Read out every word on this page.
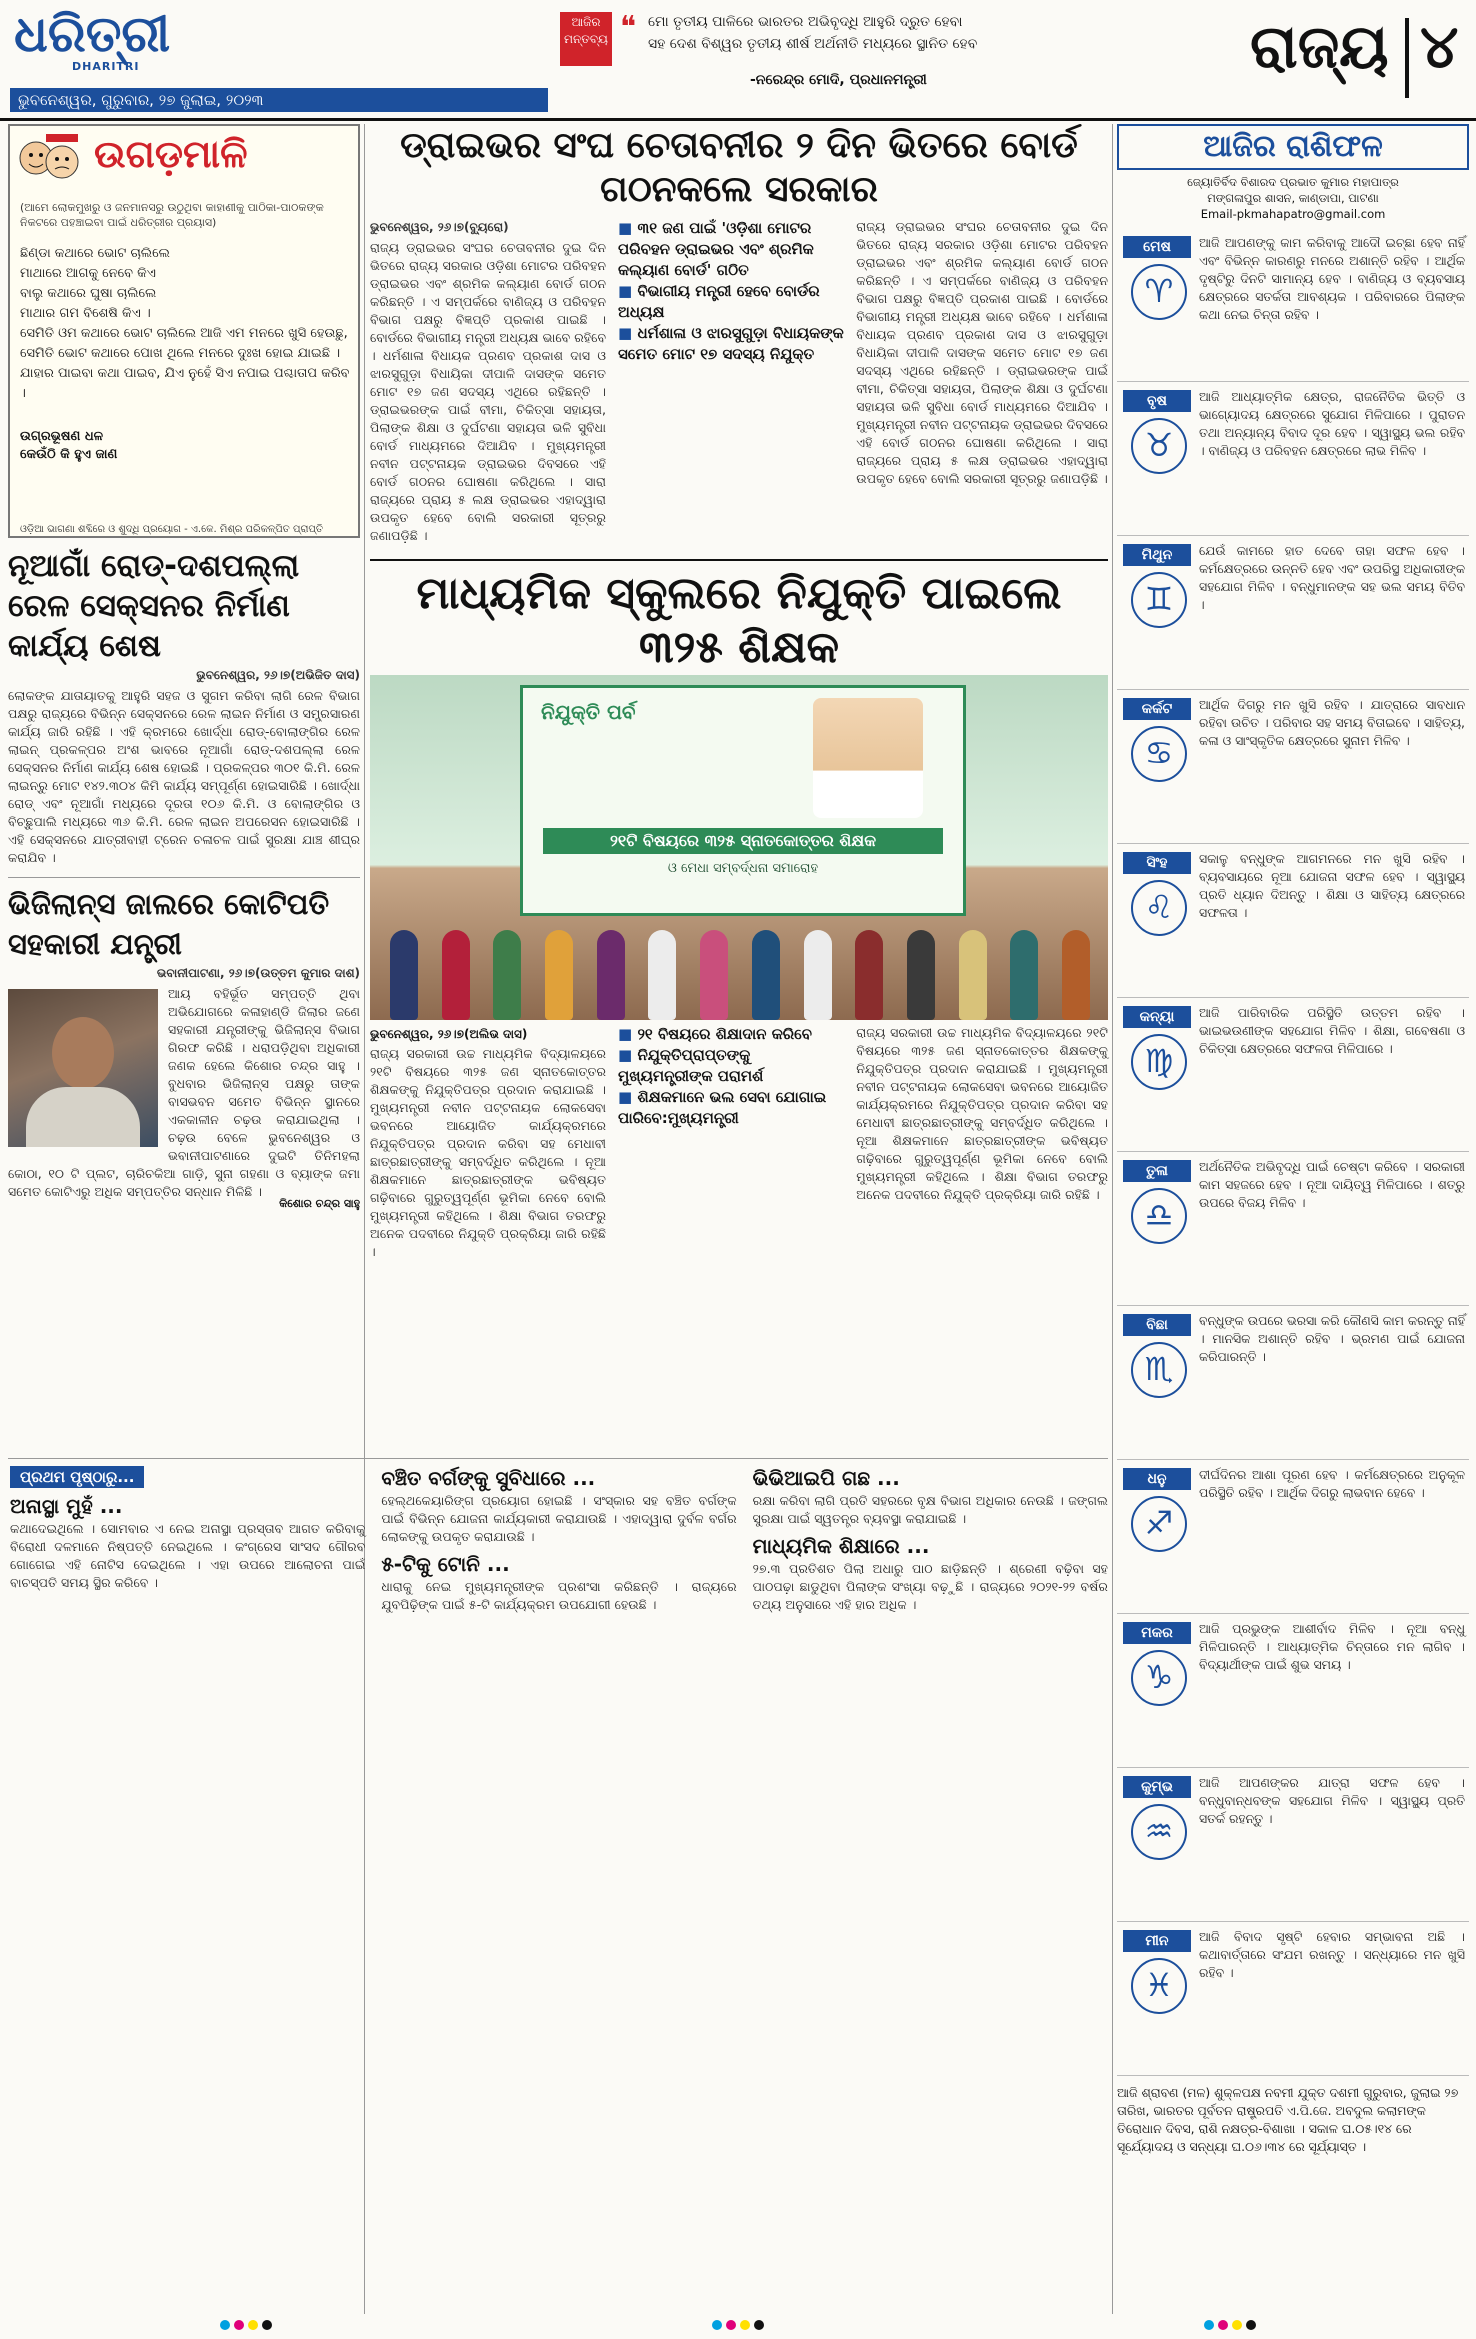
ଧରିତ୍ରୀ
DHARITRI
ଭୁବନେଶ୍ୱର, ଗୁରୁବାର, ୨୭ ଜୁଲାଇ, ୨୦୨୩
ଆଜିର ମନ୍ତବ୍ୟ ❝ ମୋ ତୃତୀୟ ପାଳିରେ ଭାରତର ଅଭିବୃଦ୍ଧି ଆହୁରି ଦ୍ରୁତ ହେବା
ସହ ଦେଶ ବିଶ୍ୱର ତୃତୀୟ ଶୀର୍ଷ ଅର୍ଥନୀତି ମଧ୍ୟରେ ସ୍ଥାନିତ ହେବ
-ନରେନ୍ଦ୍ର ମୋଦି, ପ୍ରଧାନମନ୍ତ୍ରୀ	ରାଜ୍ୟ ୪
ଉଗଡ଼ମାଳି
(ଆମେ ଲୋକମୁଖରୁ ଓ ଜନମାନସରୁ ଉଠୁଥିବା କାହାଣୀକୁ ପାଠିକା-ପାଠକଙ୍କ ନିକଟରେ ପହଞ୍ଚାଇବା ପାଇଁ ଧରିତ୍ରୀର ପ୍ରୟାସ)
ଛିଣ୍ଡା କଥାରେ ଭୋଟ ଚାଲିଲେ
ମାଥାରେ ଆଗକୁ ନେବେ କିଏ
ବାଲୁ କଥାରେ ଘୁଷା ଚାଲିଲେ
ମାଥାର ଗମ ବିଶେଷି କିଏ ।
ସେମିତି ଓମ କଥାରେ ଭୋଟ ଚାଲିଲେ ଆଜି ଏମ ମନରେ ଖୁସି ହେଉଛୁ, ସେମିତି ଭୋଟ କଥାରେ ପୋଖ ଥିଲେ ମନରେ ଦୁଃଖ ହୋଇ ଯାଇଛି ।
ଯାହାର ପାଇବା କଥା ପାଇବ, ଯିଏ ନୁହେଁ ସିଏ ନପାଇ ପଶ୍ଚାତାପ କରିବ ।
ଉଗ୍ରଭୂଷଣ ଧଳ
କେଉଁଠି କି ହୁଏ ଜାଣ
ଓଡ଼ିଆ ଭାଗଣା ଶବ୍ଦିରେ ଓ ଶୁଦ୍ଧି ପ୍ରୟୋଗ - ଏ.କେ. ମିଶ୍ର ପରିକଳ୍ପିତ ପ୍ରାପ୍ତି
ନୂଆଗାଁ ରୋଡ୍-ଦଶପଲ୍ଲା ରେଳ ସେକ୍ସନର ନିର୍ମାଣ କାର୍ଯ୍ୟ ଶେଷ
ଭୁବନେଶ୍ୱର, ୨୬।୭(ଅଭିଜିତ ଦାସ)

ଲୋକଙ୍କ ଯାତାୟାତକୁ ଆହୁରି ସହଜ ଓ ସୁଗମ କରିବା ଲାଗି ରେଳ ବିଭାଗ ପକ୍ଷରୁ ରାଜ୍ୟରେ ବିଭିନ୍ନ ସେକ୍ସନରେ ରେଳ ଲାଇନ ନିର୍ମାଣ ଓ ସମ୍ପ୍ରସାରଣ କାର୍ଯ୍ୟ ଜାରି ରହିଛି । ଏହି କ୍ରମରେ ଖୋର୍ଦ୍ଧା ରୋଡ୍-ବୋଲାଙ୍ଗିର ରେଳ ଲାଇନ୍ ପ୍ରକଳ୍ପର ଅଂଶ ଭାବରେ ନୂଆଗାଁ ରୋଡ୍-ଦଶପଲ୍ଲା ରେଳ ସେକ୍ସନର ନିର୍ମାଣ କାର୍ଯ୍ୟ ଶେଷ ହୋଇଛି । ପ୍ରକଳ୍ପର ୩୦୧ କି.ମି. ରେଳ ଲାଇନ୍ରୁ ମୋଟ ୧୪୨.୩୦୪ କିମି କାର୍ଯ୍ୟ ସମ୍ପୂର୍ଣ୍ଣ ହୋଇସାରିଛି । ଖୋର୍ଦ୍ଧା ରୋଡ୍ ଏବଂ ନୂଆଗାଁ ମଧ୍ୟରେ ଦୂରତା ୧୦୬ କି.ମି. ଓ ବୋଲାଙ୍ଗିର ଓ ବିଚ୍ଛୁପାଲି ମଧ୍ୟରେ ୩୬ କି.ମି. ରେଳ ଲାଇନ ଅପରେସନ ହୋଇସାରିଛି । ଏହି ସେକ୍ସନରେ ଯାତ୍ରୀବାହୀ ଟ୍ରେନ ଚଳାଚଳ ପାଇଁ ସୁରକ୍ଷା ଯାଞ୍ଚ ଶୀଘ୍ର କରାଯିବ ।

ଭିଜିଲାନ୍ସ ଜାଲରେ କୋଟିପତି ସହକାରୀ ଯନ୍ତ୍ରୀ
ଭବାନୀପାଟଣା, ୨୬।୭(ଉତ୍ତମ କୁମାର ଦାଶ)

ଆୟ ବହିର୍ଭୂତ ସମ୍ପତ୍ତି ଥିବା ଅଭିଯୋଗରେ କଳାହାଣ୍ଡି ଜିଲାର ଜଣେ ସହକାରୀ ଯନ୍ତ୍ରୀଙ୍କୁ ଭିଜିଲାନ୍ସ ବିଭାଗ ଗିରଫ କରିଛି । ଧରାପଡ଼ିଥିବା ଅଧିକାରୀ ଜଣକ ହେଲେ କିଶୋର ଚନ୍ଦ୍ର ସାହୁ । ବୁଧବାର ଭିଜିଲାନ୍ସ ପକ୍ଷରୁ ତାଙ୍କ ବାସଭବନ ସମେତ ବିଭିନ୍ନ ସ୍ଥାନରେ ଏକକାଳୀନ ଚଢ଼ଉ କରାଯାଇଥିଲା । ଚଢ଼ଉ ବେଳେ ଭୁବନେଶ୍ୱର ଓ ଭବାନୀପାଟଣାରେ ଦୁଇଟି ତିନିମହଲା କୋଠା, ୧୦ ଟି ପ୍ଲଟ, ଚାରିଚକିଆ ଗାଡ଼ି, ସୁନା ଗହଣା ଓ ବ୍ୟାଙ୍କ ଜମା ସମେତ କୋଟିଏରୁ ଅଧିକ ସମ୍ପତ୍ତିର ସନ୍ଧାନ ମିଳିଛି ।

କିଶୋର ଚନ୍ଦ୍ର ସାହୁ
ଡ୍ରାଇଭର ସଂଘ ଚେତାବନୀର ୨ ଦିନ ଭିତରେ ବୋର୍ଡ ଗଠନକଲେ ସରକାର
ଭୁବନେଶ୍ୱର, ୨୬।୭(ବ୍ୟୁରୋ)

ରାଜ୍ୟ ଡ୍ରାଇଭର ସଂଘର ଚେତାବନୀର ଦୁଇ ଦିନ ଭିତରେ ରାଜ୍ୟ ସରକାର ଓଡ଼ିଶା ମୋଟର ପରିବହନ ଡ୍ରାଇଭର ଏବଂ ଶ୍ରମିକ କଲ୍ୟାଣ ବୋର୍ଡ ଗଠନ କରିଛନ୍ତି । ଏ ସମ୍ପର୍କରେ ବାଣିଜ୍ୟ ଓ ପରିବହନ ବିଭାଗ ପକ୍ଷରୁ ବିଜ୍ଞପ୍ତି ପ୍ରକାଶ ପାଇଛି । ବୋର୍ଡରେ ବିଭାଗୀୟ ମନ୍ତ୍ରୀ ଅଧ୍ୟକ୍ଷ ଭାବେ ରହିବେ । ଧର୍ମଶାଳା ବିଧାୟକ ପ୍ରଣବ ପ୍ରକାଶ ଦାସ ଓ ଝାରସୁଗୁଡ଼ା ବିଧାୟିକା ଦୀପାଳି ଦାସଙ୍କ ସମେତ ମୋଟ ୧୭ ଜଣ ସଦସ୍ୟ ଏଥିରେ ରହିଛନ୍ତି । ଡ୍ରାଇଭରଙ୍କ ପାଇଁ ବୀମା, ଚିକିତ୍ସା ସହାୟତା, ପିଲାଙ୍କ ଶିକ୍ଷା ଓ ଦୁର୍ଘଟଣା ସହାୟତା ଭଳି ସୁବିଧା ବୋର୍ଡ ମାଧ୍ୟମରେ ଦିଆଯିବ । ମୁଖ୍ୟମନ୍ତ୍ରୀ ନବୀନ ପଟ୍ଟନାୟକ ଡ୍ରାଇଭର ଦିବସରେ ଏହି ବୋର୍ଡ ଗଠନର ଘୋଷଣା କରିଥିଲେ । ସାରା ରାଜ୍ୟରେ ପ୍ରାୟ ୫ ଲକ୍ଷ ଡ୍ରାଇଭର ଏହାଦ୍ୱାରା ଉପକୃତ ହେବେ ବୋଲି ସରକାରୀ ସୂତ୍ରରୁ ଜଣାପଡ଼ିଛି ।

■ ୩୧ ଜଣ ପାଇଁ 'ଓଡ଼ିଶା ମୋଟର ପରିବହନ ଡ୍ରାଇଭର ଏବଂ ଶ୍ରମିକ କଲ୍ୟାଣ ବୋର୍ଡ' ଗଠିତ
■ ବିଭାଗୀୟ ମନ୍ତ୍ରୀ ହେବେ ବୋର୍ଡର ଅଧ୍ୟକ୍ଷ
■ ଧର୍ମଶାଳା ଓ ଝାରସୁଗୁଡ଼ା ବିଧାୟକଙ୍କ ସମେତ ମୋଟ ୧୭ ସଦସ୍ୟ ନିଯୁକ୍ତ

ରାଜ୍ୟ ଡ୍ରାଇଭର ସଂଘର ଚେତାବନୀର ଦୁଇ ଦିନ ଭିତରେ ରାଜ୍ୟ ସରକାର ଓଡ଼ିଶା ମୋଟର ପରିବହନ ଡ୍ରାଇଭର ଏବଂ ଶ୍ରମିକ କଲ୍ୟାଣ ବୋର୍ଡ ଗଠନ କରିଛନ୍ତି । ଏ ସମ୍ପର୍କରେ ବାଣିଜ୍ୟ ଓ ପରିବହନ ବିଭାଗ ପକ୍ଷରୁ ବିଜ୍ଞପ୍ତି ପ୍ରକାଶ ପାଇଛି । ବୋର୍ଡରେ ବିଭାଗୀୟ ମନ୍ତ୍ରୀ ଅଧ୍ୟକ୍ଷ ଭାବେ ରହିବେ । ଧର୍ମଶାଳା ବିଧାୟକ ପ୍ରଣବ ପ୍ରକାଶ ଦାସ ଓ ଝାରସୁଗୁଡ଼ା ବିଧାୟିକା ଦୀପାଳି ଦାସଙ୍କ ସମେତ ମୋଟ ୧୭ ଜଣ ସଦସ୍ୟ ଏଥିରେ ରହିଛନ୍ତି । ଡ୍ରାଇଭରଙ୍କ ପାଇଁ ବୀମା, ଚିକିତ୍ସା ସହାୟତା, ପିଲାଙ୍କ ଶିକ୍ଷା ଓ ଦୁର୍ଘଟଣା ସହାୟତା ଭଳି ସୁବିଧା ବୋର୍ଡ ମାଧ୍ୟମରେ ଦିଆଯିବ । ମୁଖ୍ୟମନ୍ତ୍ରୀ ନବୀନ ପଟ୍ଟନାୟକ ଡ୍ରାଇଭର ଦିବସରେ ଏହି ବୋର୍ଡ ଗଠନର ଘୋଷଣା କରିଥିଲେ । ସାରା ରାଜ୍ୟରେ ପ୍ରାୟ ୫ ଲକ୍ଷ ଡ୍ରାଇଭର ଏହାଦ୍ୱାରା ଉପକୃତ ହେବେ ବୋଲି ସରକାରୀ ସୂତ୍ରରୁ ଜଣାପଡ଼ିଛି ।

ମାଧ୍ୟମିକ ସ୍କୁଲରେ ନିଯୁକ୍ତି ପାଇଲେ ୩୨୫ ଶିକ୍ଷକ
ନିଯୁକ୍ତି ପର୍ବ
୨୧ଟି ବିଷୟରେ ୩୨୫ ସ୍ନାତକୋତ୍ତର ଶିକ୍ଷକ
ଓ ମେଧା ସମ୍ବର୍ଦ୍ଧନା ସମାରୋହ
ଭୁବନେଶ୍ୱର, ୨୬।୭(ଅଲିଭ ଦାସ)

ରାଜ୍ୟ ସରକାରୀ ଉଚ୍ଚ ମାଧ୍ୟମିକ ବିଦ୍ୟାଳୟରେ ୨୧ଟି ବିଷୟରେ ୩୨୫ ଜଣ ସ୍ନାତକୋତ୍ତର ଶିକ୍ଷକଙ୍କୁ ନିଯୁକ୍ତିପତ୍ର ପ୍ରଦାନ କରାଯାଇଛି । ମୁଖ୍ୟମନ୍ତ୍ରୀ ନବୀନ ପଟ୍ଟନାୟକ ଲୋକସେବା ଭବନରେ ଆୟୋଜିତ କାର୍ଯ୍ୟକ୍ରମରେ ନିଯୁକ୍ତିପତ୍ର ପ୍ରଦାନ କରିବା ସହ ମେଧାବୀ ଛାତ୍ରଛାତ୍ରୀଙ୍କୁ ସମ୍ବର୍ଦ୍ଧିତ କରିଥିଲେ । ନୂଆ ଶିକ୍ଷକମାନେ ଛାତ୍ରଛାତ୍ରୀଙ୍କ ଭବିଷ୍ୟତ ଗଢ଼ିବାରେ ଗୁରୁତ୍ୱପୂର୍ଣ୍ଣ ଭୂମିକା ନେବେ ବୋଲି ମୁଖ୍ୟମନ୍ତ୍ରୀ କହିଥିଲେ । ଶିକ୍ଷା ବିଭାଗ ତରଫରୁ ଅନେକ ପଦବୀରେ ନିଯୁକ୍ତି ପ୍ରକ୍ରିୟା ଜାରି ରହିଛି ।

■ ୨୧ ବିଷୟରେ ଶିକ୍ଷାଦାନ କରିବେ
■ ନିଯୁକ୍ତିପ୍ରାପ୍ତଙ୍କୁ ମୁଖ୍ୟମନ୍ତ୍ରୀଙ୍କ ପରାମର୍ଶ
■ ଶିକ୍ଷକମାନେ ଭଲ ସେବା ଯୋଗାଇ ପାରିବେ:ମୁଖ୍ୟମନ୍ତ୍ରୀ

ରାଜ୍ୟ ସରକାରୀ ଉଚ୍ଚ ମାଧ୍ୟମିକ ବିଦ୍ୟାଳୟରେ ୨୧ଟି ବିଷୟରେ ୩୨୫ ଜଣ ସ୍ନାତକୋତ୍ତର ଶିକ୍ଷକଙ୍କୁ ନିଯୁକ୍ତିପତ୍ର ପ୍ରଦାନ କରାଯାଇଛି । ମୁଖ୍ୟମନ୍ତ୍ରୀ ନବୀନ ପଟ୍ଟନାୟକ ଲୋକସେବା ଭବନରେ ଆୟୋଜିତ କାର୍ଯ୍ୟକ୍ରମରେ ନିଯୁକ୍ତିପତ୍ର ପ୍ରଦାନ କରିବା ସହ ମେଧାବୀ ଛାତ୍ରଛାତ୍ରୀଙ୍କୁ ସମ୍ବର୍ଦ୍ଧିତ କରିଥିଲେ । ନୂଆ ଶିକ୍ଷକମାନେ ଛାତ୍ରଛାତ୍ରୀଙ୍କ ଭବିଷ୍ୟତ ଗଢ଼ିବାରେ ଗୁରୁତ୍ୱପୂର୍ଣ୍ଣ ଭୂମିକା ନେବେ ବୋଲି ମୁଖ୍ୟମନ୍ତ୍ରୀ କହିଥିଲେ । ଶିକ୍ଷା ବିଭାଗ ତରଫରୁ ଅନେକ ପଦବୀରେ ନିଯୁକ୍ତି ପ୍ରକ୍ରିୟା ଜାରି ରହିଛି ।

ପ୍ରଥମ ପୃଷ୍ଠାରୁ...
ଅନାସ୍ଥା ମୁହଁ ...

କଥାଦେଇଥିଲେ । ସୋମବାର ଏ ନେଇ ଅନାସ୍ଥା ପ୍ରସ୍ତାବ ଆଗତ କରିବାକୁ ବିରୋଧୀ ଦଳମାନେ ନିଷ୍ପତ୍ତି ନେଇଥିଲେ । କଂଗ୍ରେସ ସାଂସଦ ଗୌରବ ଗୋଗେଇ ଏହି ନୋଟିସ ଦେଇଥିଲେ । ଏହା ଉପରେ ଆଲୋଚନା ପାଇଁ ବାଚସ୍ପତି ସମୟ ସ୍ଥିର କରିବେ ।

ବଞ୍ଚିତ ବର୍ଗଙ୍କୁ ସୁବିଧାରେ ...

ହେଲ୍ଥକେୟାରିଙ୍ଗ ପ୍ରୟୋଗ ହୋଇଛି । ସଂସ୍କାର ସହ ବଞ୍ଚିତ ବର୍ଗଙ୍କ ପାଇଁ ବିଭିନ୍ନ ଯୋଜନା କାର୍ଯ୍ୟକାରୀ କରାଯାଉଛି । ଏହାଦ୍ୱାରା ଦୁର୍ବଳ ବର୍ଗର ଲୋକଙ୍କୁ ଉପକୃତ କରାଯାଉଛି ।

୫-ଟିକୁ ଟୋନି ...

ଧାରାକୁ ନେଇ ମୁଖ୍ୟମନ୍ତ୍ରୀଙ୍କ ପ୍ରଶଂସା କରିଛନ୍ତି । ରାଜ୍ୟରେ ଯୁବପିଢ଼ିଙ୍କ ପାଇଁ ୫-ଟି କାର୍ଯ୍ୟକ୍ରମ ଉପଯୋଗୀ ହେଉଛି ।

ଭିଭିଆଇପି ଗଛ ...

ରକ୍ଷା କରିବା ଲାଗି ପ୍ରତି ସହରରେ ବୃକ୍ଷ ବିଭାଗ ଅଧିକାର ନେଉଛି । ଜଙ୍ଗଲ ସୁରକ୍ଷା ପାଇଁ ସ୍ୱତନ୍ତ୍ର ବ୍ୟବସ୍ଥା କରାଯାଇଛି ।

ମାଧ୍ୟମିକ ଶିକ୍ଷାରେ ...

୨୭.୩ ପ୍ରତିଶତ ପିଲା ଅଧାରୁ ପାଠ ଛାଡ଼ିଛନ୍ତି । ଶ୍ରେଣୀ ବଢ଼ିବା ସହ ପାଠପଢ଼ା ଛାଡୁଥିବା ପିଲାଙ୍କ ସଂଖ୍ୟା ବଢ଼ୁଛି । ରାଜ୍ୟରେ ୨୦୨୧-୨୨ ବର୍ଷର ତଥ୍ୟ ଅନୁସାରେ ଏହି ହାର ଅଧିକ ।

ଆଜିର ରାଶିଫଳ
ଜ୍ୟୋତିର୍ବିଦ ବିଶାରଦ ପ୍ରଭାତ କୁମାର ମହାପାତ୍ର
ମଙ୍ଗଳାପୁର ଶାସନ, କାଣ୍ଡାପା, ପାଟଣା
Email-pkmahapatro@gmail.com
ମେଷ
♈
ଆଜି ଆପଣଙ୍କୁ କାମ କରିବାକୁ ଆଦୌ ଇଚ୍ଛା ହେବ ନାହିଁ ଏବଂ ବିଭିନ୍ନ କାରଣରୁ ମନରେ ଅଶାନ୍ତି ରହିବ । ଆର୍ଥିକ ଦୃଷ୍ଟିରୁ ଦିନଟି ସାମାନ୍ୟ ହେବ । ବାଣିଜ୍ୟ ଓ ବ୍ୟବସାୟ କ୍ଷେତ୍ରରେ ସତର୍କତା ଆବଶ୍ୟକ । ପରିବାରରେ ପିଲାଙ୍କ କଥା ନେଇ ଚିନ୍ତା ରହିବ ।
ବୃଷ
♉
ଆଜି ଆଧ୍ୟାତ୍ମିକ କ୍ଷେତ୍ର, ରାଜନୈତିକ ଭିତ୍ତି ଓ ଭାଗ୍ୟୋଦୟ କ୍ଷେତ୍ରରେ ସୁଯୋଗ ମିଳିପାରେ । ପୁରାତନ ତଥା ଅନ୍ୟାନ୍ୟ ବିବାଦ ଦୂର ହେବ । ସ୍ୱାସ୍ଥ୍ୟ ଭଲ ରହିବ । ବାଣିଜ୍ୟ ଓ ପରିବହନ କ୍ଷେତ୍ରରେ ଲାଭ ମିଳିବ ।
ମିଥୁନ
♊
ଯେଉଁ କାମରେ ହାତ ଦେବେ ତାହା ସଫଳ ହେବ । କର୍ମକ୍ଷେତ୍ରରେ ଉନ୍ନତି ହେବ ଏବଂ ଉପରିସ୍ଥ ଅଧିକାରୀଙ୍କ ସହଯୋଗ ମିଳିବ । ବନ୍ଧୁମାନଙ୍କ ସହ ଭଲ ସମୟ ବିତିବ ।
କର୍କଟ
♋
ଆର୍ଥିକ ଦିଗରୁ ମନ ଖୁସି ରହିବ । ଯାତ୍ରାରେ ସାବଧାନ ରହିବା ଉଚିତ । ପରିବାର ସହ ସମୟ ବିତାଇବେ । ସାହିତ୍ୟ, କଳା ଓ ସାଂସ୍କୃତିକ କ୍ଷେତ୍ରରେ ସୁନାମ ମିଳିବ ।
ସିଂହ
♌
ସକାଳୁ ବନ୍ଧୁଙ୍କ ଆଗମନରେ ମନ ଖୁସି ରହିବ । ବ୍ୟବସାୟରେ ନୂଆ ଯୋଜନା ସଫଳ ହେବ । ସ୍ୱାସ୍ଥ୍ୟ ପ୍ରତି ଧ୍ୟାନ ଦିଅନ୍ତୁ । ଶିକ୍ଷା ଓ ସାହିତ୍ୟ କ୍ଷେତ୍ରରେ ସଫଳତା ।
କନ୍ୟା
♍
ଆଜି ପାରିବାରିକ ପରିସ୍ଥିତି ଉତ୍ତମ ରହିବ । ଭାଇଭଉଣୀଙ୍କ ସହଯୋଗ ମିଳିବ । ଶିକ୍ଷା, ଗବେଷଣା ଓ ଚିକିତ୍ସା କ୍ଷେତ୍ରରେ ସଫଳତା ମିଳିପାରେ ।
ତୁଳା
♎
ଅର୍ଥନୈତିକ ଅଭିବୃଦ୍ଧି ପାଇଁ ଚେଷ୍ଟା କରିବେ । ସରକାରୀ କାମ ସହଜରେ ହେବ । ନୂଆ ଦାୟିତ୍ୱ ମିଳିପାରେ । ଶତ୍ରୁ ଉପରେ ବିଜୟ ମିଳିବ ।
ବିଛା
♏
ବନ୍ଧୁଙ୍କ ଉପରେ ଭରସା କରି କୌଣସି କାମ କରନ୍ତୁ ନାହିଁ । ମାନସିକ ଅଶାନ୍ତି ରହିବ । ଭ୍ରମଣ ପାଇଁ ଯୋଜନା କରିପାରନ୍ତି ।
ଧନୁ
♐
ଦୀର୍ଘଦିନର ଆଶା ପୂରଣ ହେବ । କର୍ମକ୍ଷେତ୍ରରେ ଅନୁକୂଳ ପରିସ୍ଥିତି ରହିବ । ଆର୍ଥିକ ଦିଗରୁ ଲାଭବାନ ହେବେ ।
ମକର
♑
ଆଜି ପ୍ରଭୁଙ୍କ ଆଶୀର୍ବାଦ ମିଳିବ । ନୂଆ ବନ୍ଧୁ ମିଳିପାରନ୍ତି । ଆଧ୍ୟାତ୍ମିକ ଚିନ୍ତାରେ ମନ ଲାଗିବ । ବିଦ୍ୟାର୍ଥୀଙ୍କ ପାଇଁ ଶୁଭ ସମୟ ।
କୁମ୍ଭ
♒
ଆଜି ଆପଣଙ୍କର ଯାତ୍ରା ସଫଳ ହେବ । ବନ୍ଧୁବାନ୍ଧବଙ୍କ ସହଯୋଗ ମିଳିବ । ସ୍ୱାସ୍ଥ୍ୟ ପ୍ରତି ସତର୍କ ରହନ୍ତୁ ।
ମୀନ
♓
ଆଜି ବିବାଦ ସୃଷ୍ଟି ହେବାର ସମ୍ଭାବନା ଅଛି । କଥାବାର୍ତ୍ତାରେ ସଂଯମ ରଖନ୍ତୁ । ସନ୍ଧ୍ୟାରେ ମନ ଖୁସି ରହିବ ।
ଆଜି ଶ୍ରାବଣ (ମଳ) ଶୁକ୍ଳପକ୍ଷ ନବମୀ ଯୁକ୍ତ ଦଶମୀ ଗୁରୁବାର, ଜୁଲାଇ ୨୭ ତାରିଖ, ଭାରତର ପୂର୍ବତନ ରାଷ୍ଟ୍ରପତି ଏ.ପି.ଜେ. ଅବଦୁଲ କଲାମଙ୍କ ତିରୋଧାନ ଦିବସ, ରାଶି ନକ୍ଷତ୍ର-ବିଶାଖା । ସକାଳ ଘ.୦୫।୧୪ ରେ ସୂର୍ଯ୍ୟୋଦୟ ଓ ସନ୍ଧ୍ୟା ଘ.୦୬।୩୪ ରେ ସୂର୍ଯ୍ୟାସ୍ତ ।
